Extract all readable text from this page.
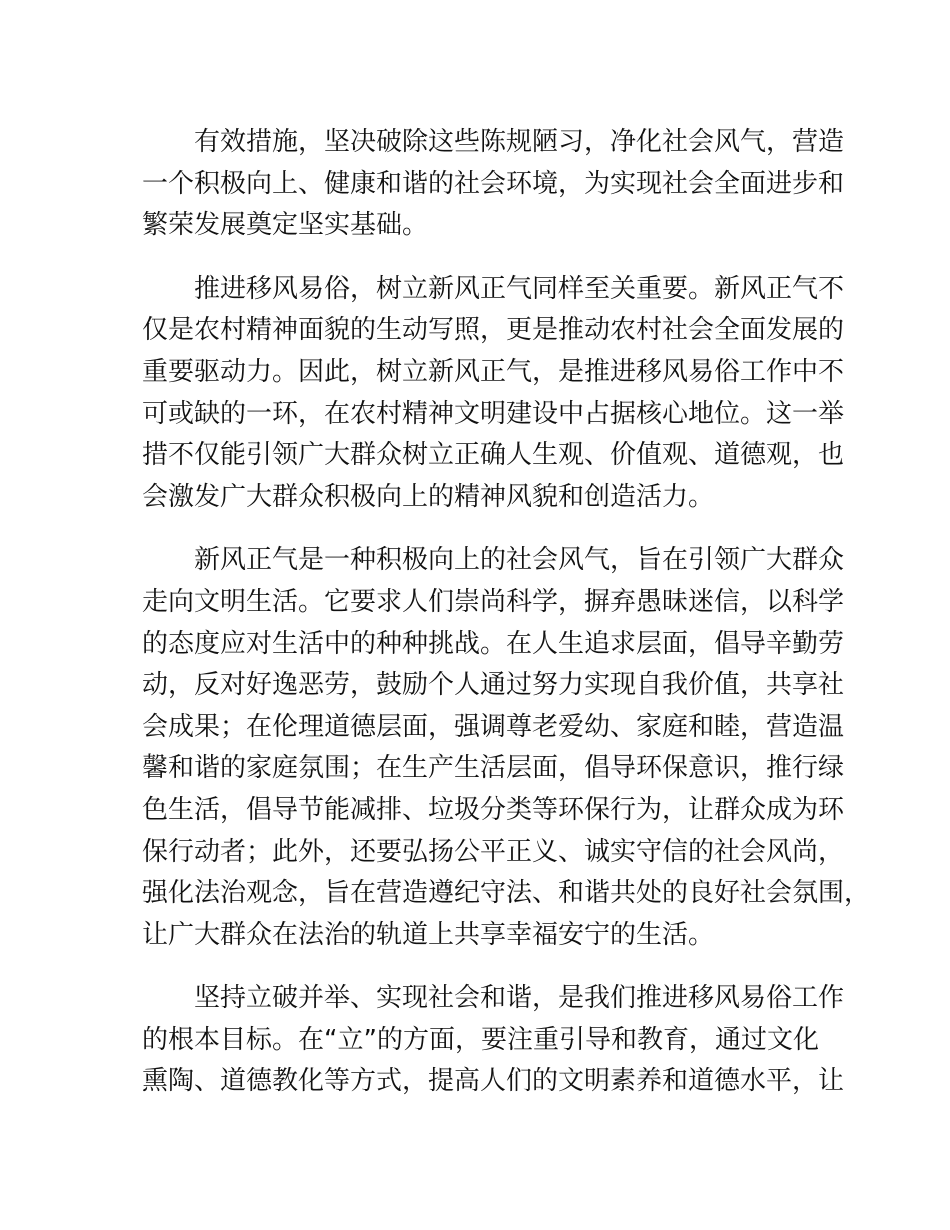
有效措施，坚决破除这些陈规陋习，净化社会风气，营造
一个积极向上、健康和谐的社会环境，为实现社会全面进步和
繁荣发展奠定坚实基础。
推进移风易俗，树立新风正气同样至关重要。新风正气不
仅是农村精神面貌的生动写照，更是推动农村社会全面发展的
重要驱动力。因此，树立新风正气，是推进移风易俗工作中不
可或缺的一环，在农村精神文明建设中占据核心地位。这一举
措不仅能引领广大群众树立正确人生观、价值观、道德观，也
会激发广大群众积极向上的精神风貌和创造活力。
新风正气是一种积极向上的社会风气，旨在引领广大群众
走向文明生活。它要求人们崇尚科学，摒弃愚昧迷信，以科学
的态度应对生活中的种种挑战。在人生追求层面，倡导辛勤劳
动，反对好逸恶劳，鼓励个人通过努力实现自我价值，共享社
会成果；在伦理道德层面，强调尊老爱幼、家庭和睦，营造温
馨和谐的家庭氛围；在生产生活层面，倡导环保意识，推行绿
色生活，倡导节能减排、垃圾分类等环保行为，让群众成为环
保行动者；此外，还要弘扬公平正义、诚实守信的社会风尚，
强化法治观念，旨在营造遵纪守法、和谐共处的良好社会氛围，
让广大群众在法治的轨道上共享幸福安宁的生活。
坚持立破并举、实现社会和谐，是我们推进移风易俗工作
的根本目标。在“立”的方面，要注重引导和教育，通过文化
熏陶、道德教化等方式，提高人们的文明素养和道德水平，让
